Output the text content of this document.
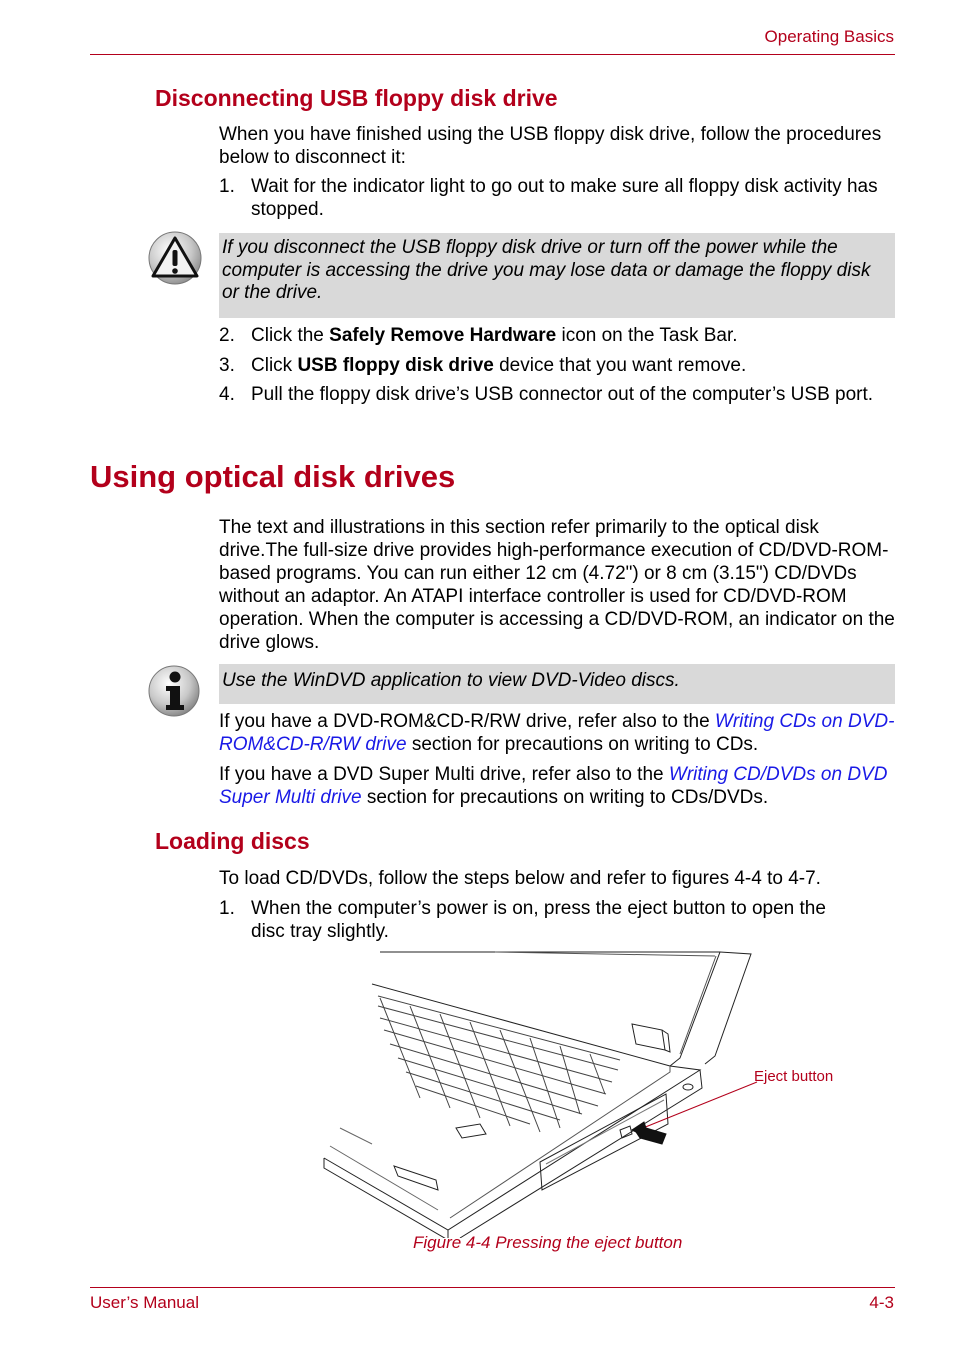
Operating Basics
Disconnecting USB floppy disk drive
When you have finished using the USB floppy disk drive, follow the procedures below to disconnect it:
1. Wait for the indicator light to go out to make sure all floppy disk activity has stopped.
If you disconnect the USB floppy disk drive or turn off the power while the computer is accessing the drive you may lose data or damage the floppy disk or the drive.
2. Click the Safely Remove Hardware icon on the Task Bar.
3. Click USB floppy disk drive device that you want remove.
4. Pull the floppy disk drive’s USB connector out of the computer’s USB port.
Using optical disk drives
The text and illustrations in this section refer primarily to the optical disk drive.The full-size drive provides high-performance execution of CD/DVD-ROM-based programs. You can run either 12 cm (4.72") or 8 cm (3.15") CD/DVDs without an adaptor. An ATAPI interface controller is used for CD/DVD-ROM operation. When the computer is accessing a CD/DVD-ROM, an indicator on the drive glows.
Use the WinDVD application to view DVD-Video discs.
If you have a DVD-ROM&CD-R/RW drive, refer also to the Writing CDs on DVD-ROM&CD-R/RW drive section for precautions on writing to CDs.
If you have a DVD Super Multi drive, refer also to the Writing CD/DVDs on DVD Super Multi drive section for precautions on writing to CDs/DVDs.
Loading discs
To load CD/DVDs, follow the steps below and refer to figures 4-4 to 4-7.
1. When the computer’s power is on, press the eject button to open the disc tray slightly.
Eject button
Figure 4-4 Pressing the eject button
User’s Manual	4-3
